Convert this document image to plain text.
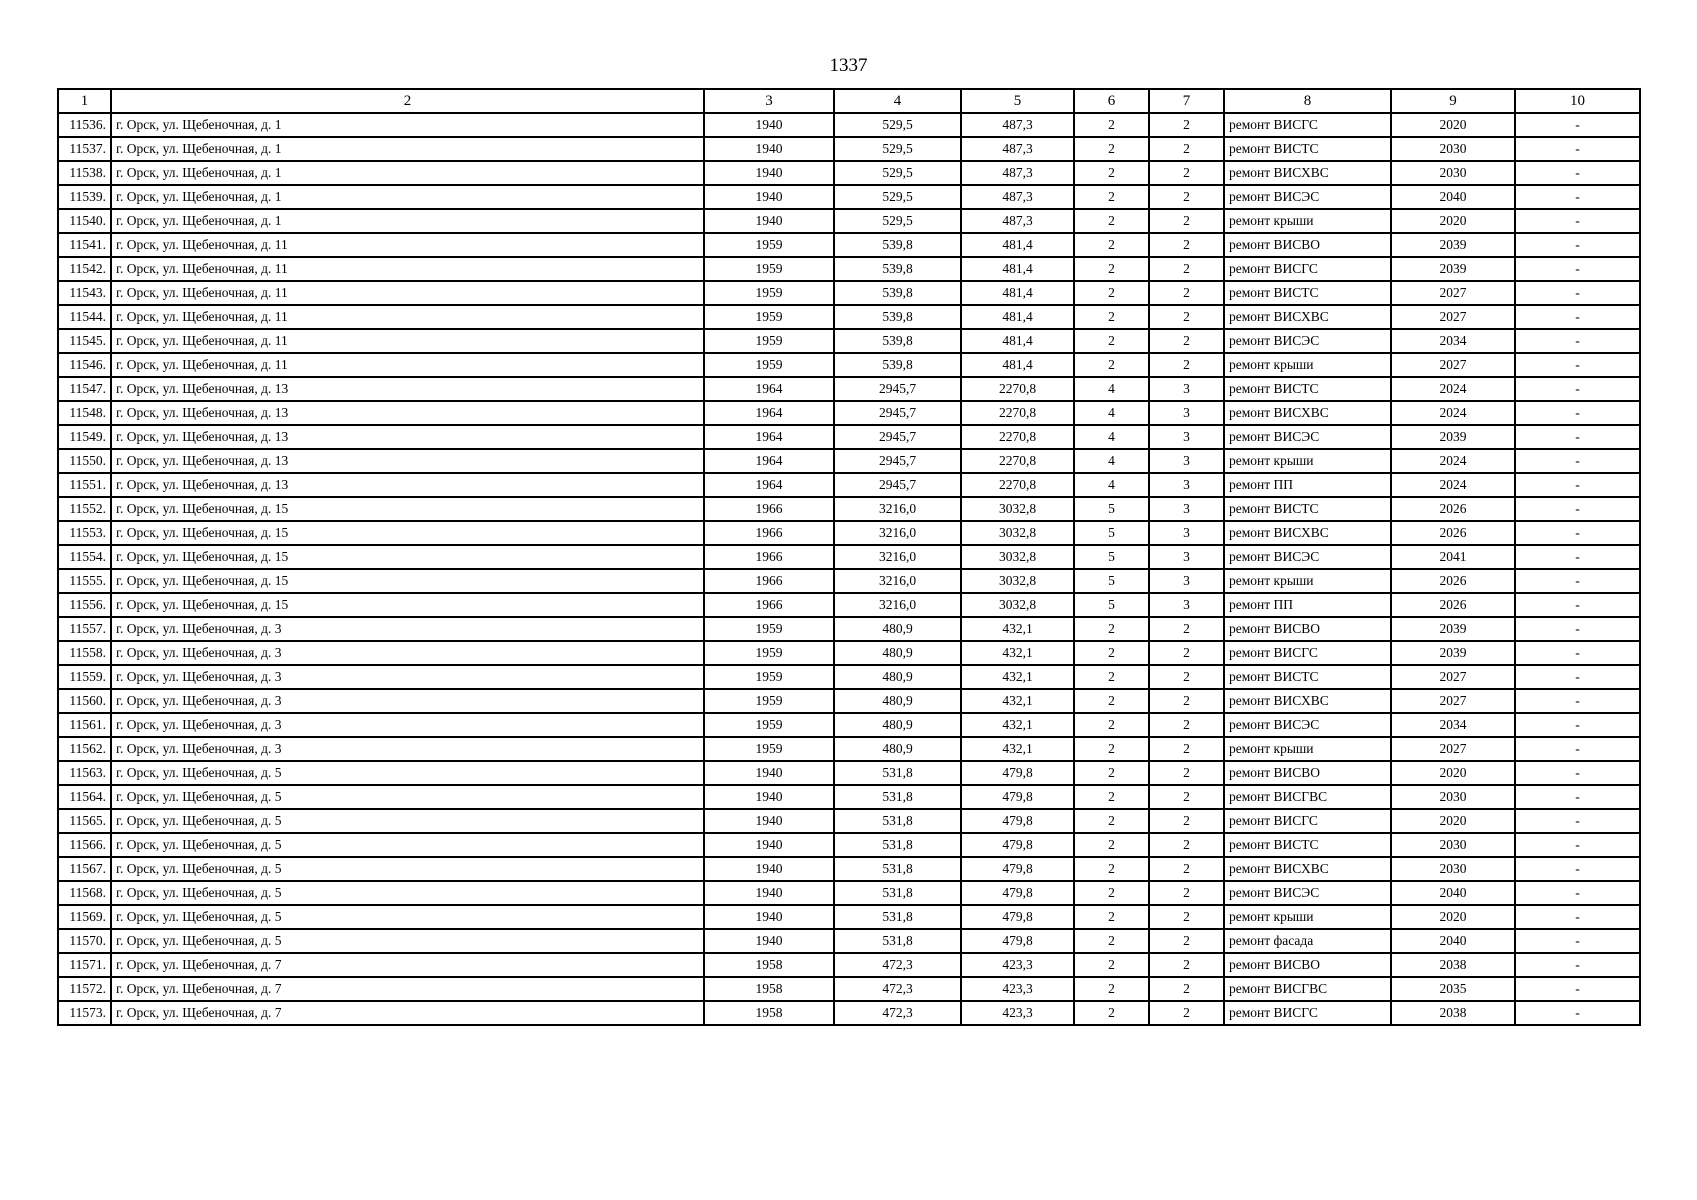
1337
1	2	3	4	5	6	7	8	9	10
11536.	г. Орск, ул. Щебеночная, д. 1	1940	529,5	487,3	2	2	ремонт ВИСГС	2020	-
11537.	г. Орск, ул. Щебеночная, д. 1	1940	529,5	487,3	2	2	ремонт ВИСТС	2030	-
11538.	г. Орск, ул. Щебеночная, д. 1	1940	529,5	487,3	2	2	ремонт ВИСХВС	2030	-
11539.	г. Орск, ул. Щебеночная, д. 1	1940	529,5	487,3	2	2	ремонт ВИСЭС	2040	-
11540.	г. Орск, ул. Щебеночная, д. 1	1940	529,5	487,3	2	2	ремонт крыши	2020	-
11541.	г. Орск, ул. Щебеночная, д. 11	1959	539,8	481,4	2	2	ремонт ВИСВО	2039	-
11542.	г. Орск, ул. Щебеночная, д. 11	1959	539,8	481,4	2	2	ремонт ВИСГС	2039	-
11543.	г. Орск, ул. Щебеночная, д. 11	1959	539,8	481,4	2	2	ремонт ВИСТС	2027	-
11544.	г. Орск, ул. Щебеночная, д. 11	1959	539,8	481,4	2	2	ремонт ВИСХВС	2027	-
11545.	г. Орск, ул. Щебеночная, д. 11	1959	539,8	481,4	2	2	ремонт ВИСЭС	2034	-
11546.	г. Орск, ул. Щебеночная, д. 11	1959	539,8	481,4	2	2	ремонт крыши	2027	-
11547.	г. Орск, ул. Щебеночная, д. 13	1964	2945,7	2270,8	4	3	ремонт ВИСТС	2024	-
11548.	г. Орск, ул. Щебеночная, д. 13	1964	2945,7	2270,8	4	3	ремонт ВИСХВС	2024	-
11549.	г. Орск, ул. Щебеночная, д. 13	1964	2945,7	2270,8	4	3	ремонт ВИСЭС	2039	-
11550.	г. Орск, ул. Щебеночная, д. 13	1964	2945,7	2270,8	4	3	ремонт крыши	2024	-
11551.	г. Орск, ул. Щебеночная, д. 13	1964	2945,7	2270,8	4	3	ремонт ПП	2024	-
11552.	г. Орск, ул. Щебеночная, д. 15	1966	3216,0	3032,8	5	3	ремонт ВИСТС	2026	-
11553.	г. Орск, ул. Щебеночная, д. 15	1966	3216,0	3032,8	5	3	ремонт ВИСХВС	2026	-
11554.	г. Орск, ул. Щебеночная, д. 15	1966	3216,0	3032,8	5	3	ремонт ВИСЭС	2041	-
11555.	г. Орск, ул. Щебеночная, д. 15	1966	3216,0	3032,8	5	3	ремонт крыши	2026	-
11556.	г. Орск, ул. Щебеночная, д. 15	1966	3216,0	3032,8	5	3	ремонт ПП	2026	-
11557.	г. Орск, ул. Щебеночная, д. 3	1959	480,9	432,1	2	2	ремонт ВИСВО	2039	-
11558.	г. Орск, ул. Щебеночная, д. 3	1959	480,9	432,1	2	2	ремонт ВИСГС	2039	-
11559.	г. Орск, ул. Щебеночная, д. 3	1959	480,9	432,1	2	2	ремонт ВИСТС	2027	-
11560.	г. Орск, ул. Щебеночная, д. 3	1959	480,9	432,1	2	2	ремонт ВИСХВС	2027	-
11561.	г. Орск, ул. Щебеночная, д. 3	1959	480,9	432,1	2	2	ремонт ВИСЭС	2034	-
11562.	г. Орск, ул. Щебеночная, д. 3	1959	480,9	432,1	2	2	ремонт крыши	2027	-
11563.	г. Орск, ул. Щебеночная, д. 5	1940	531,8	479,8	2	2	ремонт ВИСВО	2020	-
11564.	г. Орск, ул. Щебеночная, д. 5	1940	531,8	479,8	2	2	ремонт ВИСГВС	2030	-
11565.	г. Орск, ул. Щебеночная, д. 5	1940	531,8	479,8	2	2	ремонт ВИСГС	2020	-
11566.	г. Орск, ул. Щебеночная, д. 5	1940	531,8	479,8	2	2	ремонт ВИСТС	2030	-
11567.	г. Орск, ул. Щебеночная, д. 5	1940	531,8	479,8	2	2	ремонт ВИСХВС	2030	-
11568.	г. Орск, ул. Щебеночная, д. 5	1940	531,8	479,8	2	2	ремонт ВИСЭС	2040	-
11569.	г. Орск, ул. Щебеночная, д. 5	1940	531,8	479,8	2	2	ремонт крыши	2020	-
11570.	г. Орск, ул. Щебеночная, д. 5	1940	531,8	479,8	2	2	ремонт фасада	2040	-
11571.	г. Орск, ул. Щебеночная, д. 7	1958	472,3	423,3	2	2	ремонт ВИСВО	2038	-
11572.	г. Орск, ул. Щебеночная, д. 7	1958	472,3	423,3	2	2	ремонт ВИСГВС	2035	-
11573.	г. Орск, ул. Щебеночная, д. 7	1958	472,3	423,3	2	2	ремонт ВИСГС	2038	-
